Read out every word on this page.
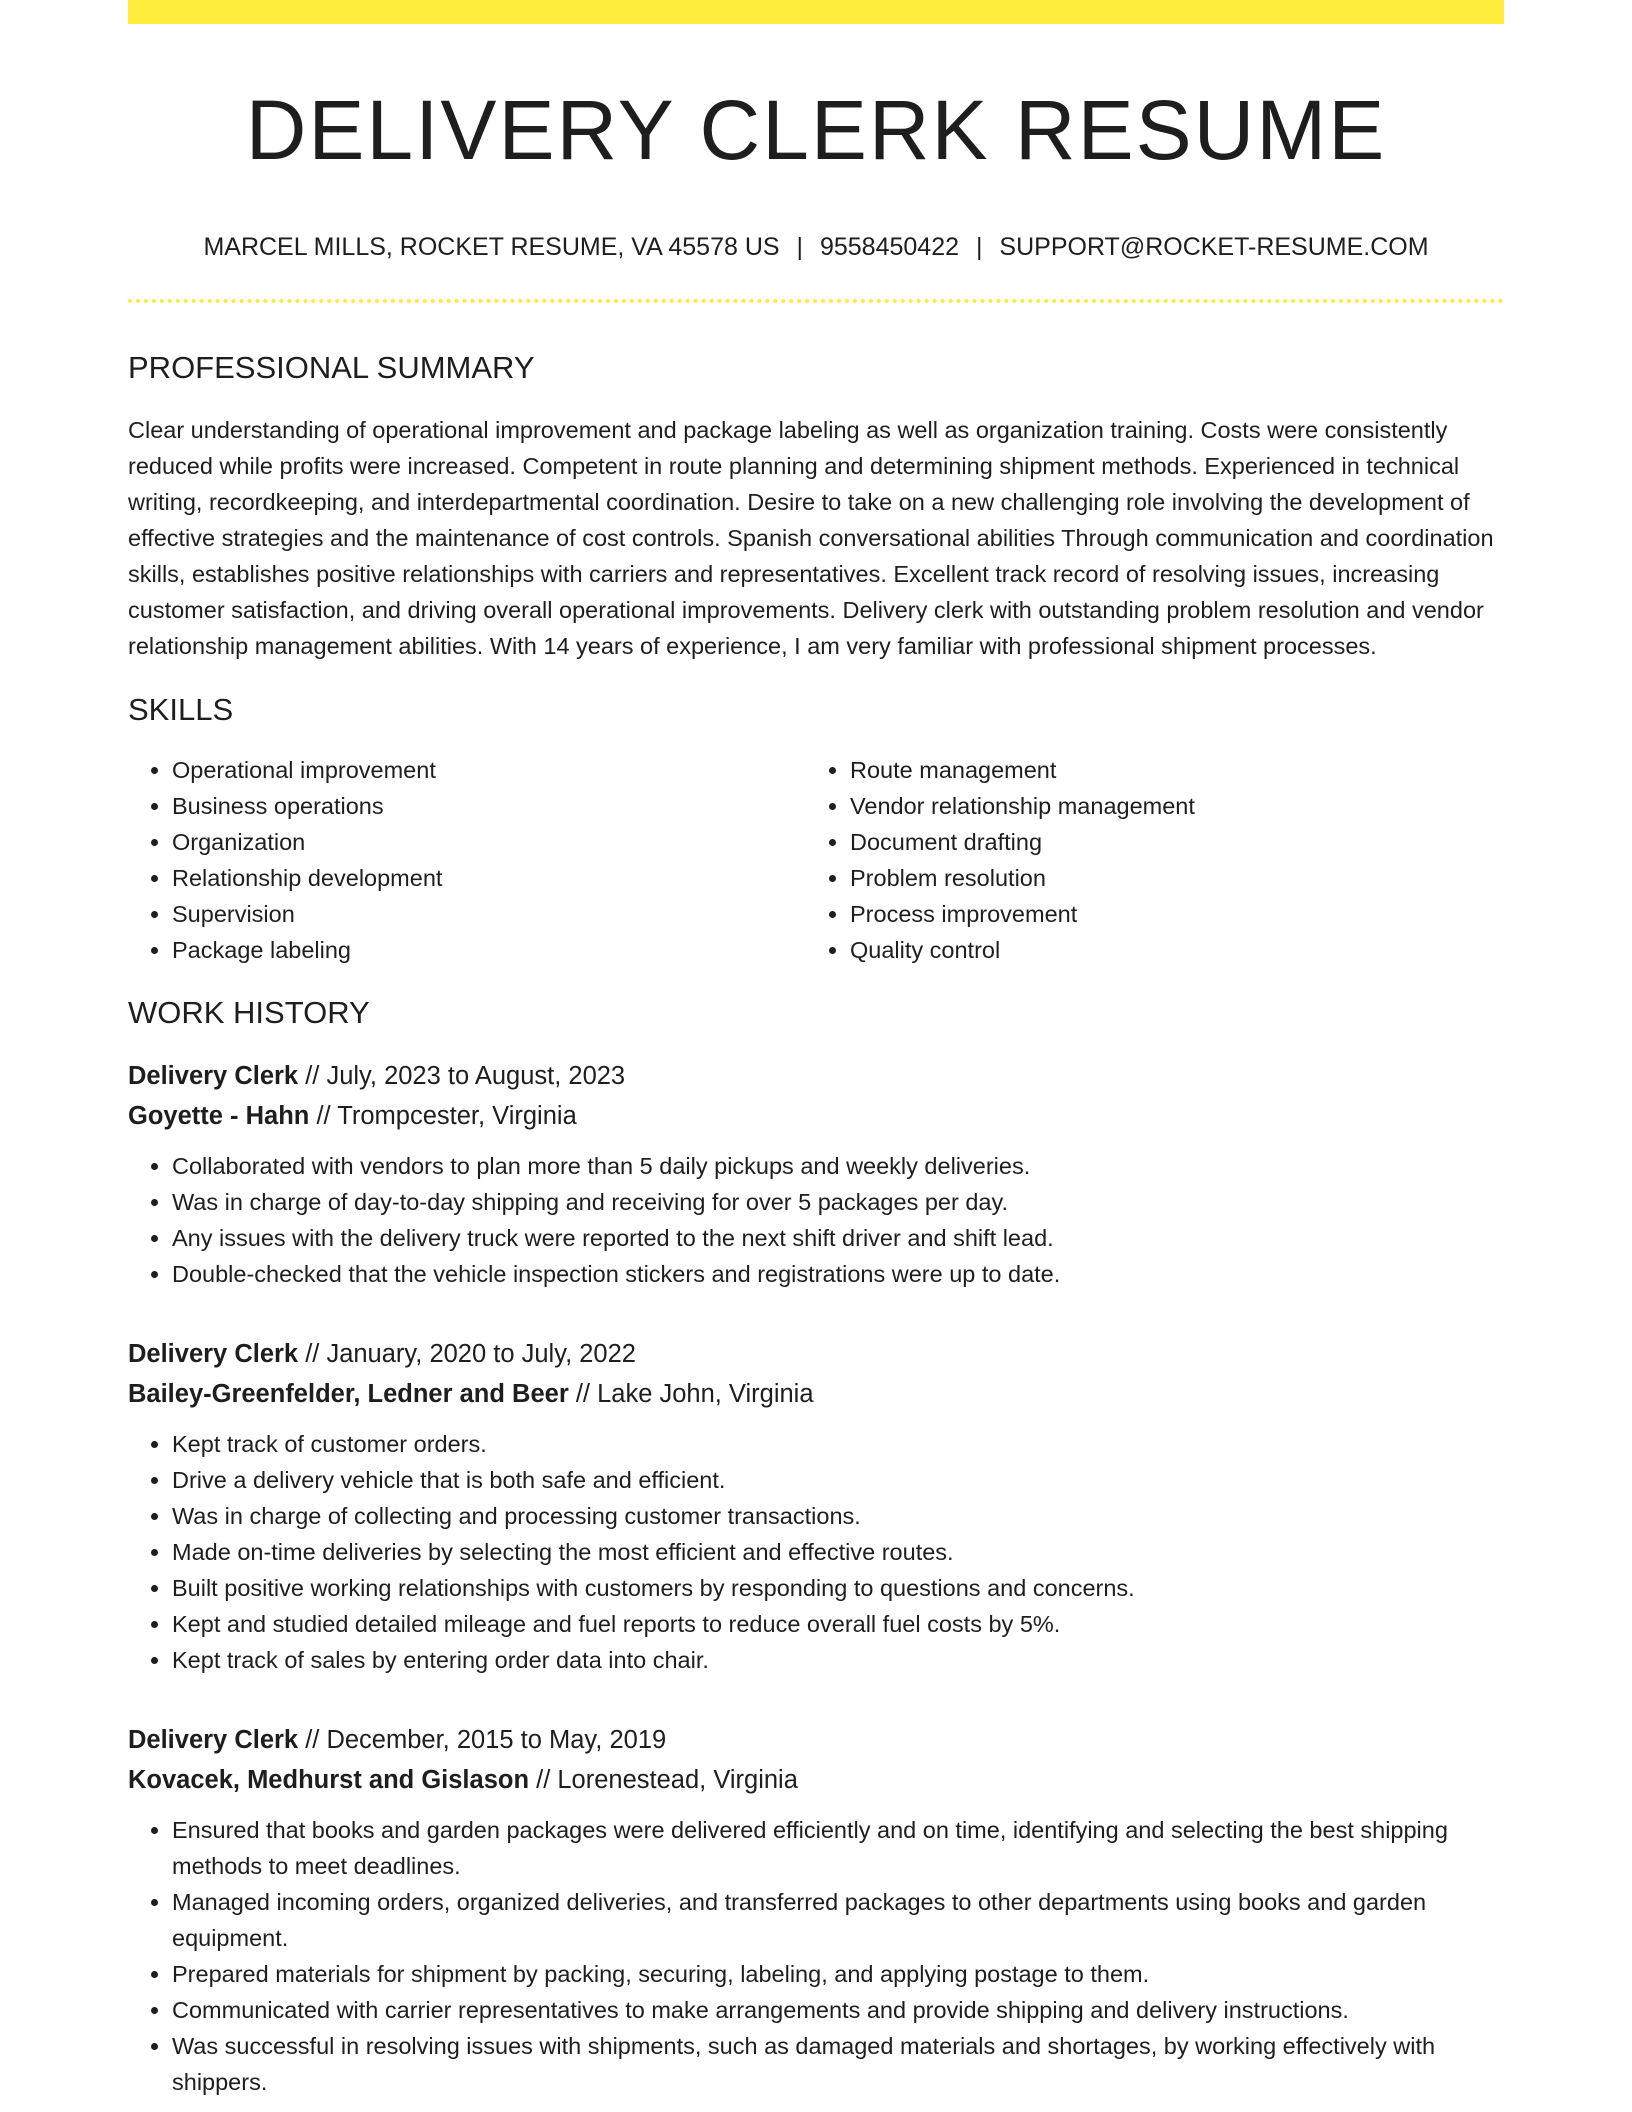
DELIVERY CLERK RESUME
MARCEL MILLS, ROCKET RESUME, VA 45578 US | 9558450422 | SUPPORT@ROCKET-RESUME.COM
PROFESSIONAL SUMMARY

Clear understanding of operational improvement and package labeling as well as organization training. Costs were consistently reduced while profits were increased. Competent in route planning and determining shipment methods. Experienced in technical writing, recordkeeping, and interdepartmental coordination. Desire to take on a new challenging role involving the development of effective strategies and the maintenance of cost controls. Spanish conversational abilities Through communication and coordination skills, establishes positive relationships with carriers and representatives. Excellent track record of resolving issues, increasing customer satisfaction, and driving overall operational improvements. Delivery clerk with outstanding problem resolution and vendor relationship management abilities. With 14 years of experience, I am very familiar with professional shipment processes.

SKILLS
• Operational improvement
• Business operations
• Organization
• Relationship development
• Supervision
• Package labeling
• Route management
• Vendor relationship management
• Document drafting
• Problem resolution
• Process improvement
• Quality control
WORK HISTORY
Delivery Clerk // July, 2023 to August, 2023
Goyette - Hahn // Trompcester, Virginia
• Collaborated with vendors to plan more than 5 daily pickups and weekly deliveries.
• Was in charge of day-to-day shipping and receiving for over 5 packages per day.
• Any issues with the delivery truck were reported to the next shift driver and shift lead.
• Double-checked that the vehicle inspection stickers and registrations were up to date.
Delivery Clerk // January, 2020 to July, 2022
Bailey-Greenfelder, Ledner and Beer // Lake John, Virginia
• Kept track of customer orders.
• Drive a delivery vehicle that is both safe and efficient.
• Was in charge of collecting and processing customer transactions.
• Made on-time deliveries by selecting the most efficient and effective routes.
• Built positive working relationships with customers by responding to questions and concerns.
• Kept and studied detailed mileage and fuel reports to reduce overall fuel costs by 5%.
• Kept track of sales by entering order data into chair.
Delivery Clerk // December, 2015 to May, 2019
Kovacek, Medhurst and Gislason // Lorenestead, Virginia
• Ensured that books and garden packages were delivered efficiently and on time, identifying and selecting the best shipping methods to meet deadlines.
• Managed incoming orders, organized deliveries, and transferred packages to other departments using books and garden equipment.
• Prepared materials for shipment by packing, securing, labeling, and applying postage to them.
• Communicated with carrier representatives to make arrangements and provide shipping and delivery instructions.
• Was successful in resolving issues with shipments, such as damaged materials and shortages, by working effectively with shippers.
